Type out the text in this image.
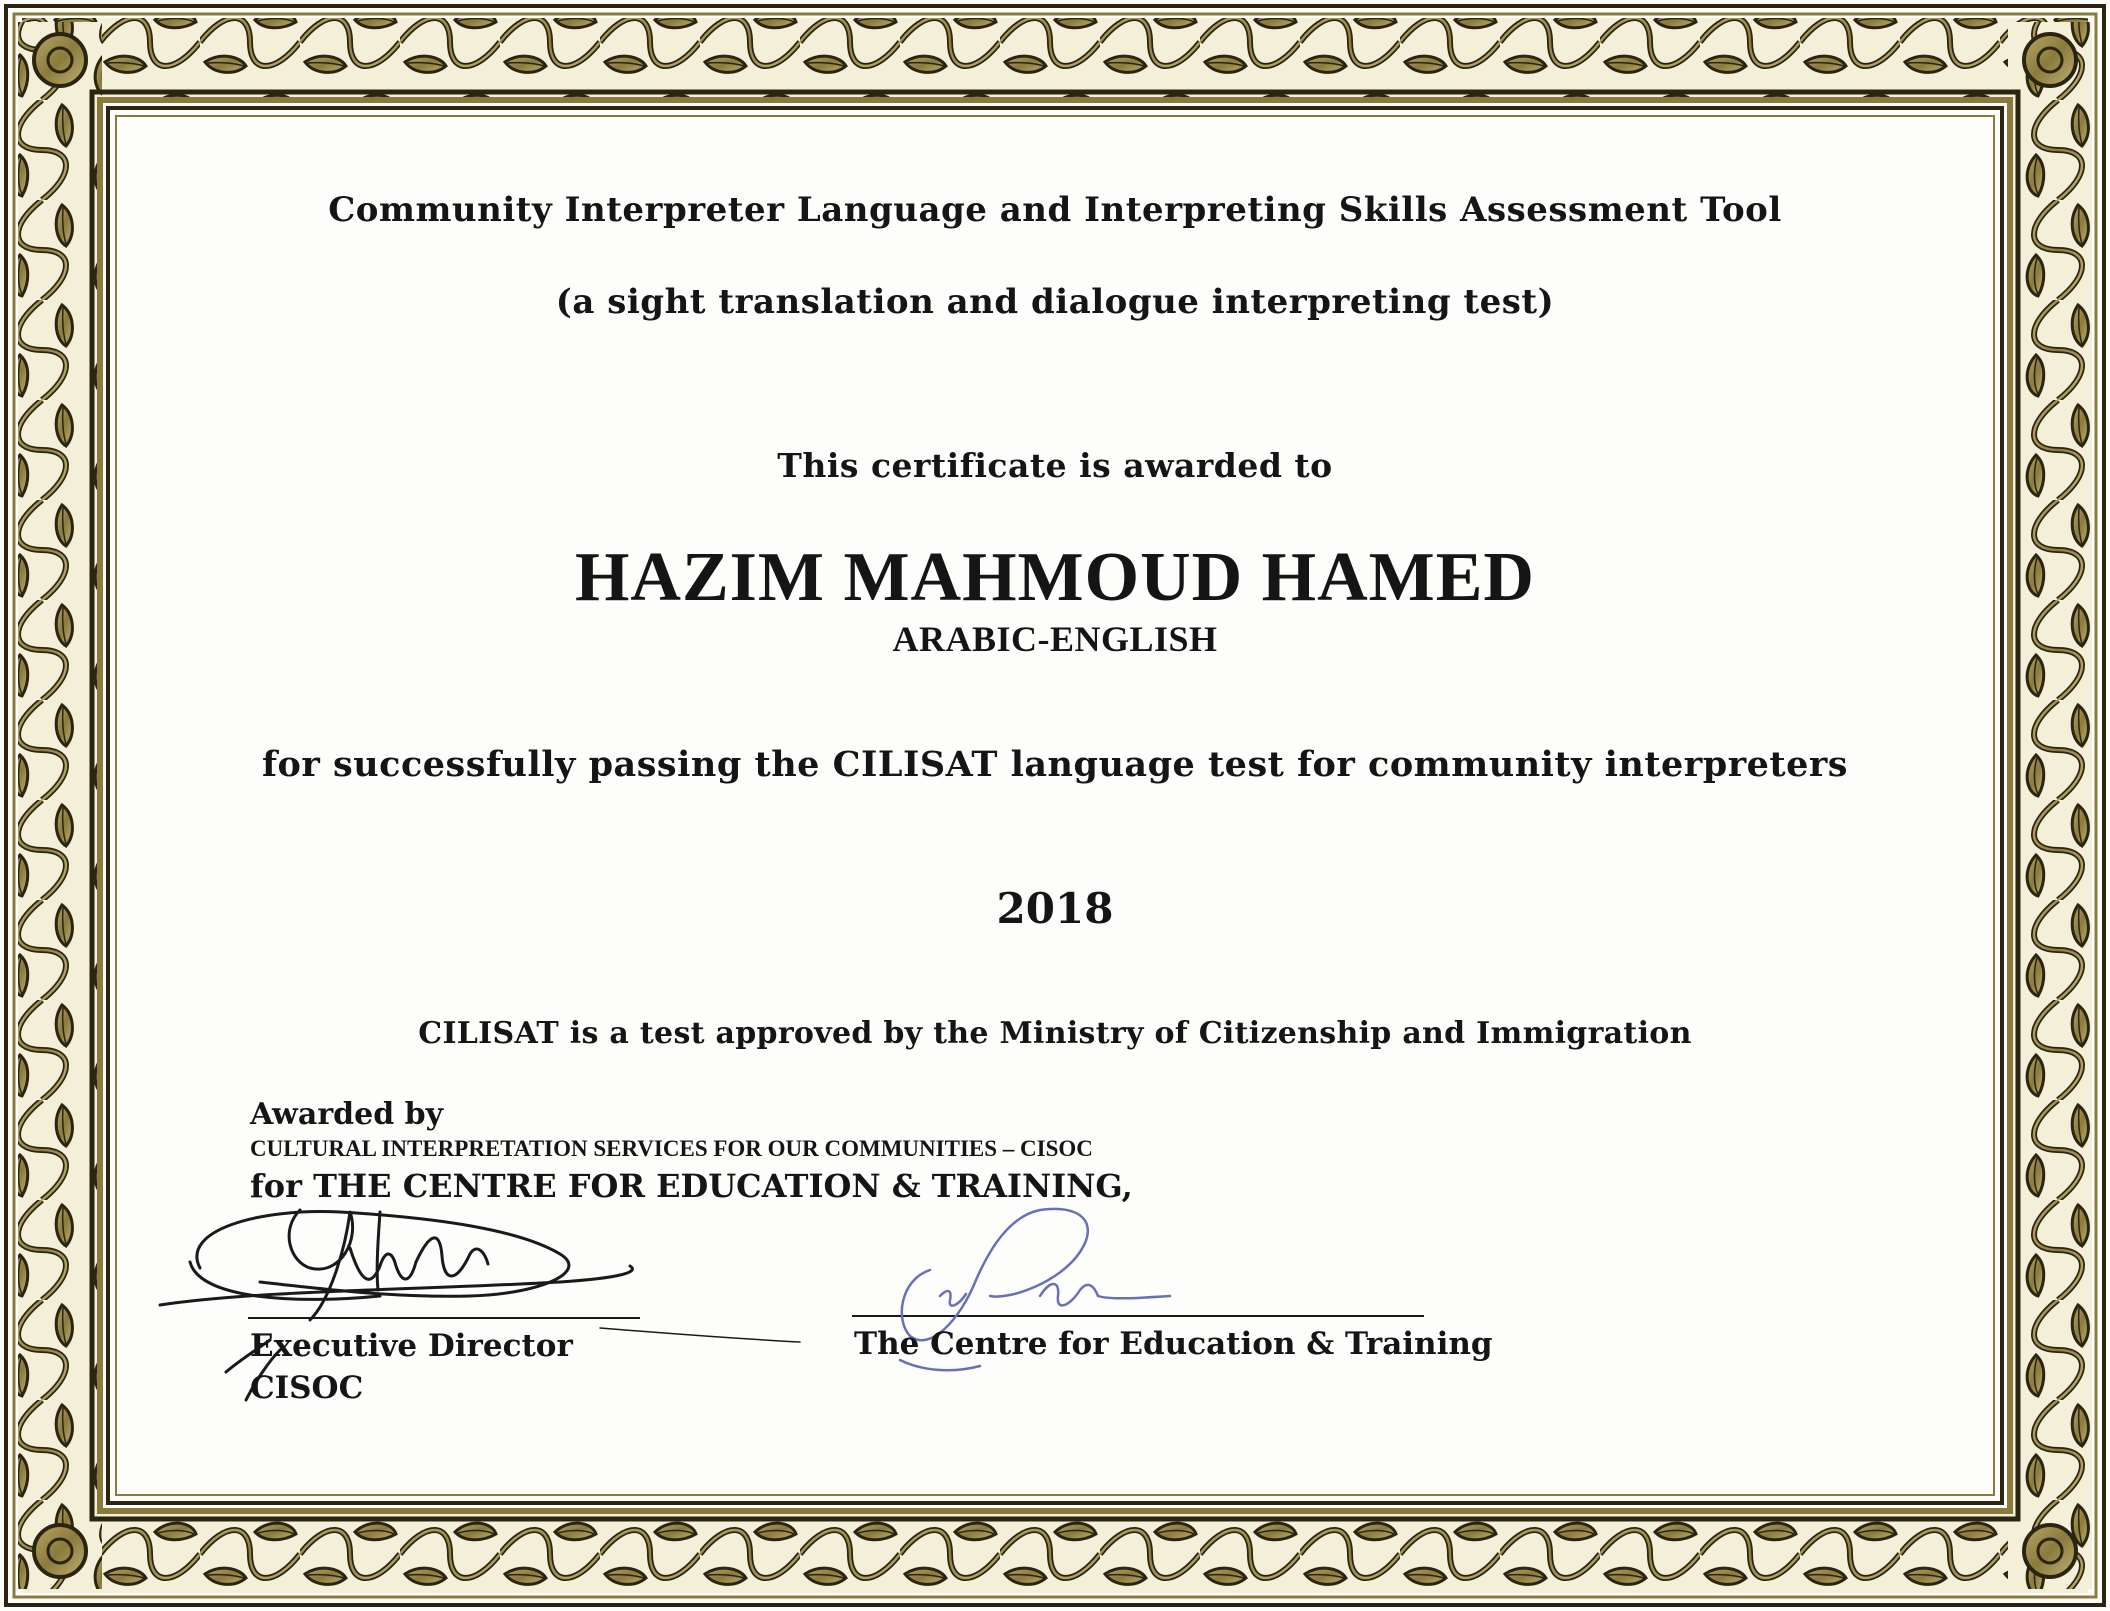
Community Interpreter Language and Interpreting Skills Assessment Tool

(a sight translation and dialogue interpreting test)

This certificate is awarded to

HAZIM MAHMOUD HAMED

ARABIC-ENGLISH

for successfully passing the CILISAT language test for community interpreters

2018

CILISAT is a test approved by the Ministry of Citizenship and Immigration

Awarded by

CULTURAL INTERPRETATION SERVICES FOR OUR COMMUNITIES – CISOC

for THE CENTRE FOR EDUCATION & TRAINING,

Executive Director

CISOC

The Centre for Education & Training
